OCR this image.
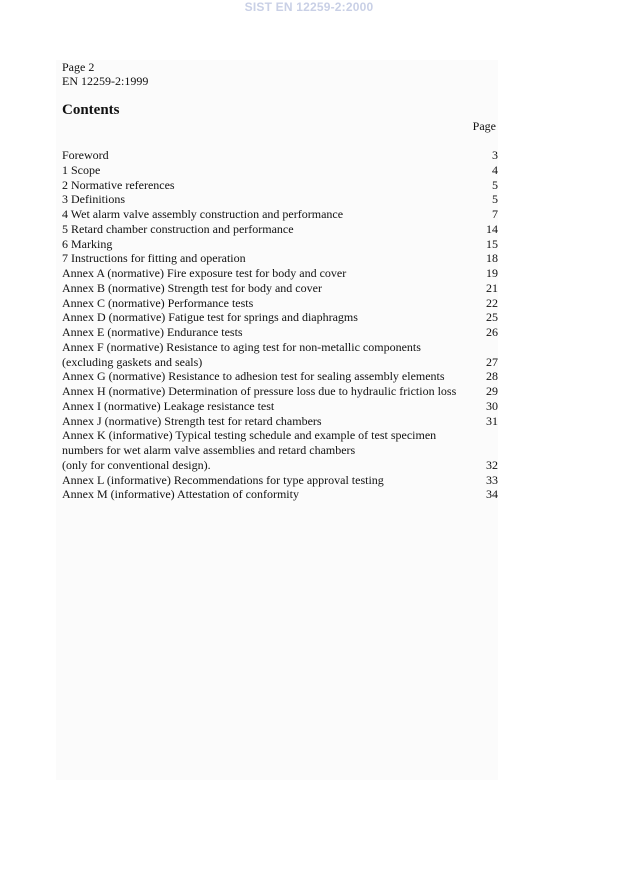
SIST EN 12259-2:2000
Page 2
EN 12259-2:1999
Contents
Page
Foreword	3
1 Scope	4
2 Normative references	5
3 Definitions	5
4 Wet alarm valve assembly construction and performance	7
5 Retard chamber construction and performance	14
6 Marking	15
7 Instructions for fitting and operation	18
Annex A (normative) Fire exposure test for body and cover	19
Annex B (normative) Strength test for body and cover	21
Annex C (normative) Performance tests	22
Annex D (normative) Fatigue test for springs and diaphragms	25
Annex E (normative) Endurance tests	26
Annex F (normative) Resistance to aging test for non-metallic components
(excluding gaskets and seals)	27
Annex G (normative) Resistance to adhesion test for sealing assembly elements	28
Annex H (normative) Determination of pressure loss due to hydraulic friction loss	29
Annex I (normative) Leakage resistance test	30
Annex J (normative) Strength test for retard chambers	31
Annex K (informative) Typical testing schedule and example of test specimen
numbers for wet alarm valve assemblies and retard chambers
(only for conventional design).	32
Annex L (informative) Recommendations for type approval testing	33
Annex M (informative) Attestation of conformity	34
